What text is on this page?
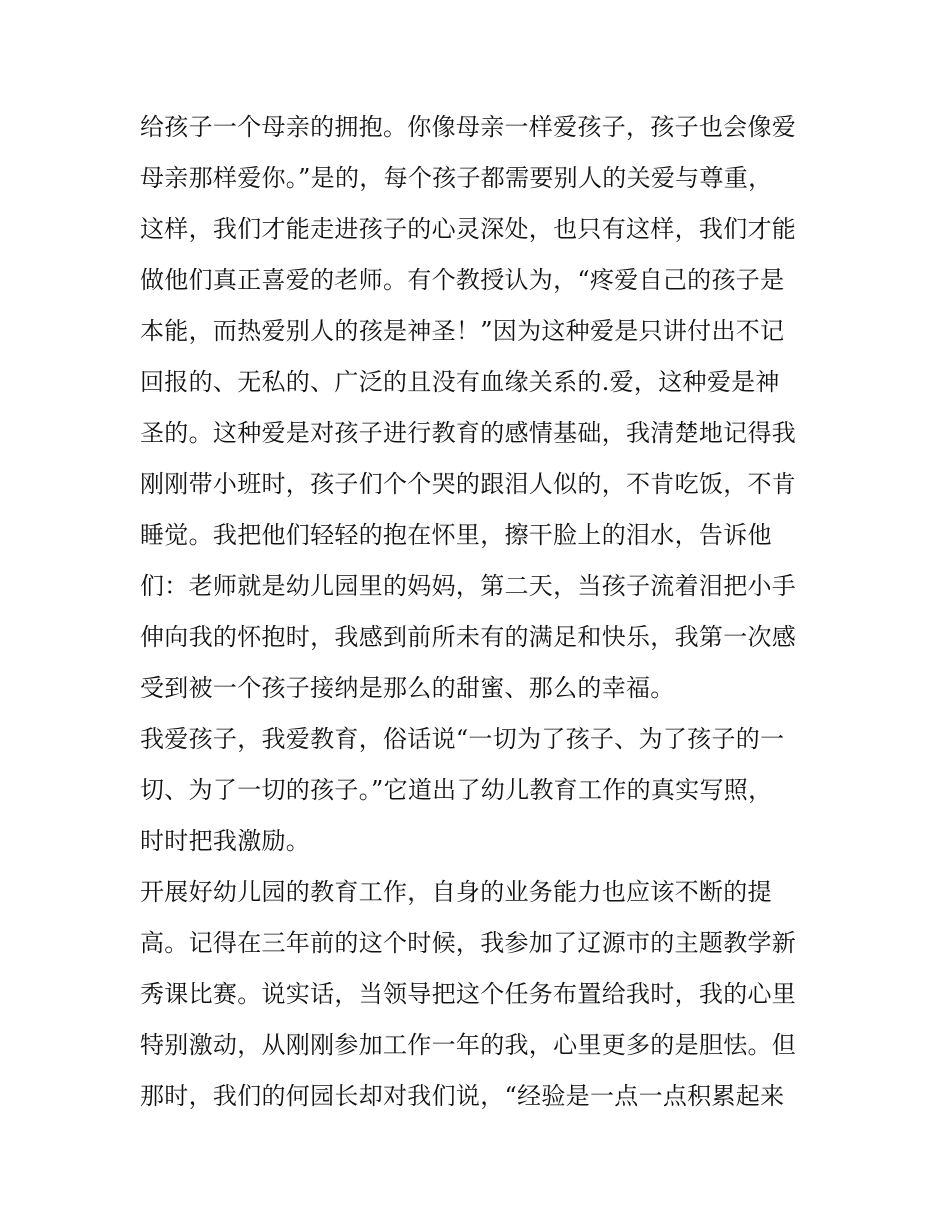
给孩子一个母亲的拥抱。你像母亲一样爱孩子，孩子也会像爱
母亲那样爱你。”是的，每个孩子都需要别人的关爱与尊重，
这样，我们才能走进孩子的心灵深处，也只有这样，我们才能
做他们真正喜爱的老师。有个教授认为，“疼爱自己的孩子是
本能，而热爱别人的孩是神圣！”因为这种爱是只讲付出不记
回报的、无私的、广泛的且没有血缘关系的.爱，这种爱是神
圣的。这种爱是对孩子进行教育的感情基础，我清楚地记得我
刚刚带小班时，孩子们个个哭的跟泪人似的，不肯吃饭，不肯
睡觉。我把他们轻轻的抱在怀里，擦干脸上的泪水，告诉他
们：老师就是幼儿园里的妈妈，第二天，当孩子流着泪把小手
伸向我的怀抱时，我感到前所未有的满足和快乐，我第一次感
受到被一个孩子接纳是那么的甜蜜、那么的幸福。
我爱孩子，我爱教育，俗话说“一切为了孩子、为了孩子的一
切、为了一切的孩子。”它道出了幼儿教育工作的真实写照，
时时把我激励。
开展好幼儿园的教育工作，自身的业务能力也应该不断的提
高。记得在三年前的这个时候，我参加了辽源市的主题教学新
秀课比赛。说实话，当领导把这个任务布置给我时，我的心里
特别激动，从刚刚参加工作一年的我，心里更多的是胆怯。但
那时，我们的何园长却对我们说，“经验是一点一点积累起来
